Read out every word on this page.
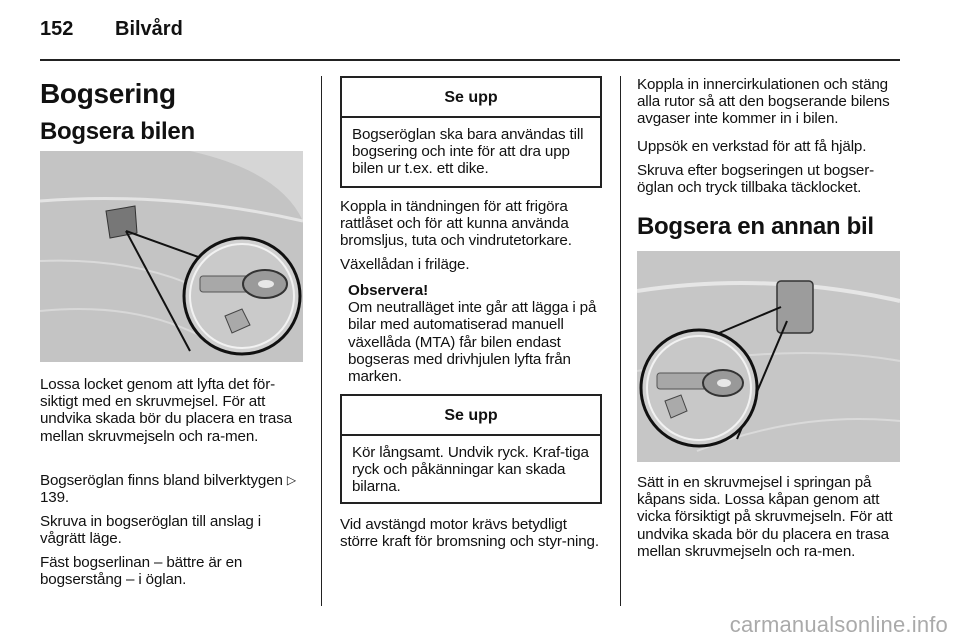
152 Bilvård
Bogsering
Bogsera bilen

Lossa locket genom att lyfta det för-siktigt med en skruvmejsel. För att undvika skada bör du placera en trasa mellan skruvmejseln och ra-men.

Bogseröglan finns bland bilverktygen ▷139.

Skruva in bogseröglan till anslag i vågrätt läge.

Fäst bogserlinan – bättre är en bogserstång – i öglan.

Se upp

Bogseröglan ska bara användas till bogsering och inte för att dra upp bilen ur t.ex. ett dike.

Koppla in tändningen för att frigöra rattlåset och för att kunna använda bromsljus, tuta och vindrutetorkare.

Växellådan i friläge.

Observera!

Om neutralläget inte går att lägga i på bilar med automatiserad manuell växellåda (MTA) får bilen endast bogseras med drivhjulen lyfta från marken.

Se upp

Kör långsamt. Undvik ryck. Kraf-tiga ryck och påkänningar kan skada bilarna.

Vid avstängd motor krävs betydligt större kraft för bromsning och styr-ning.

Koppla in innercirkulationen och stäng alla rutor så att den bogserande bilens avgaser inte kommer in i bilen.

Uppsök en verkstad för att få hjälp.

Skruva efter bogseringen ut bogser-öglan och tryck tillbaka täcklocket.

Bogsera en annan bil

Sätt in en skruvmejsel i springan på kåpans sida. Lossa kåpan genom att vicka försiktigt på skruvmejseln. För att undvika skada bör du placera en trasa mellan skruvmejseln och ra-men.

carmanualsonline.info
